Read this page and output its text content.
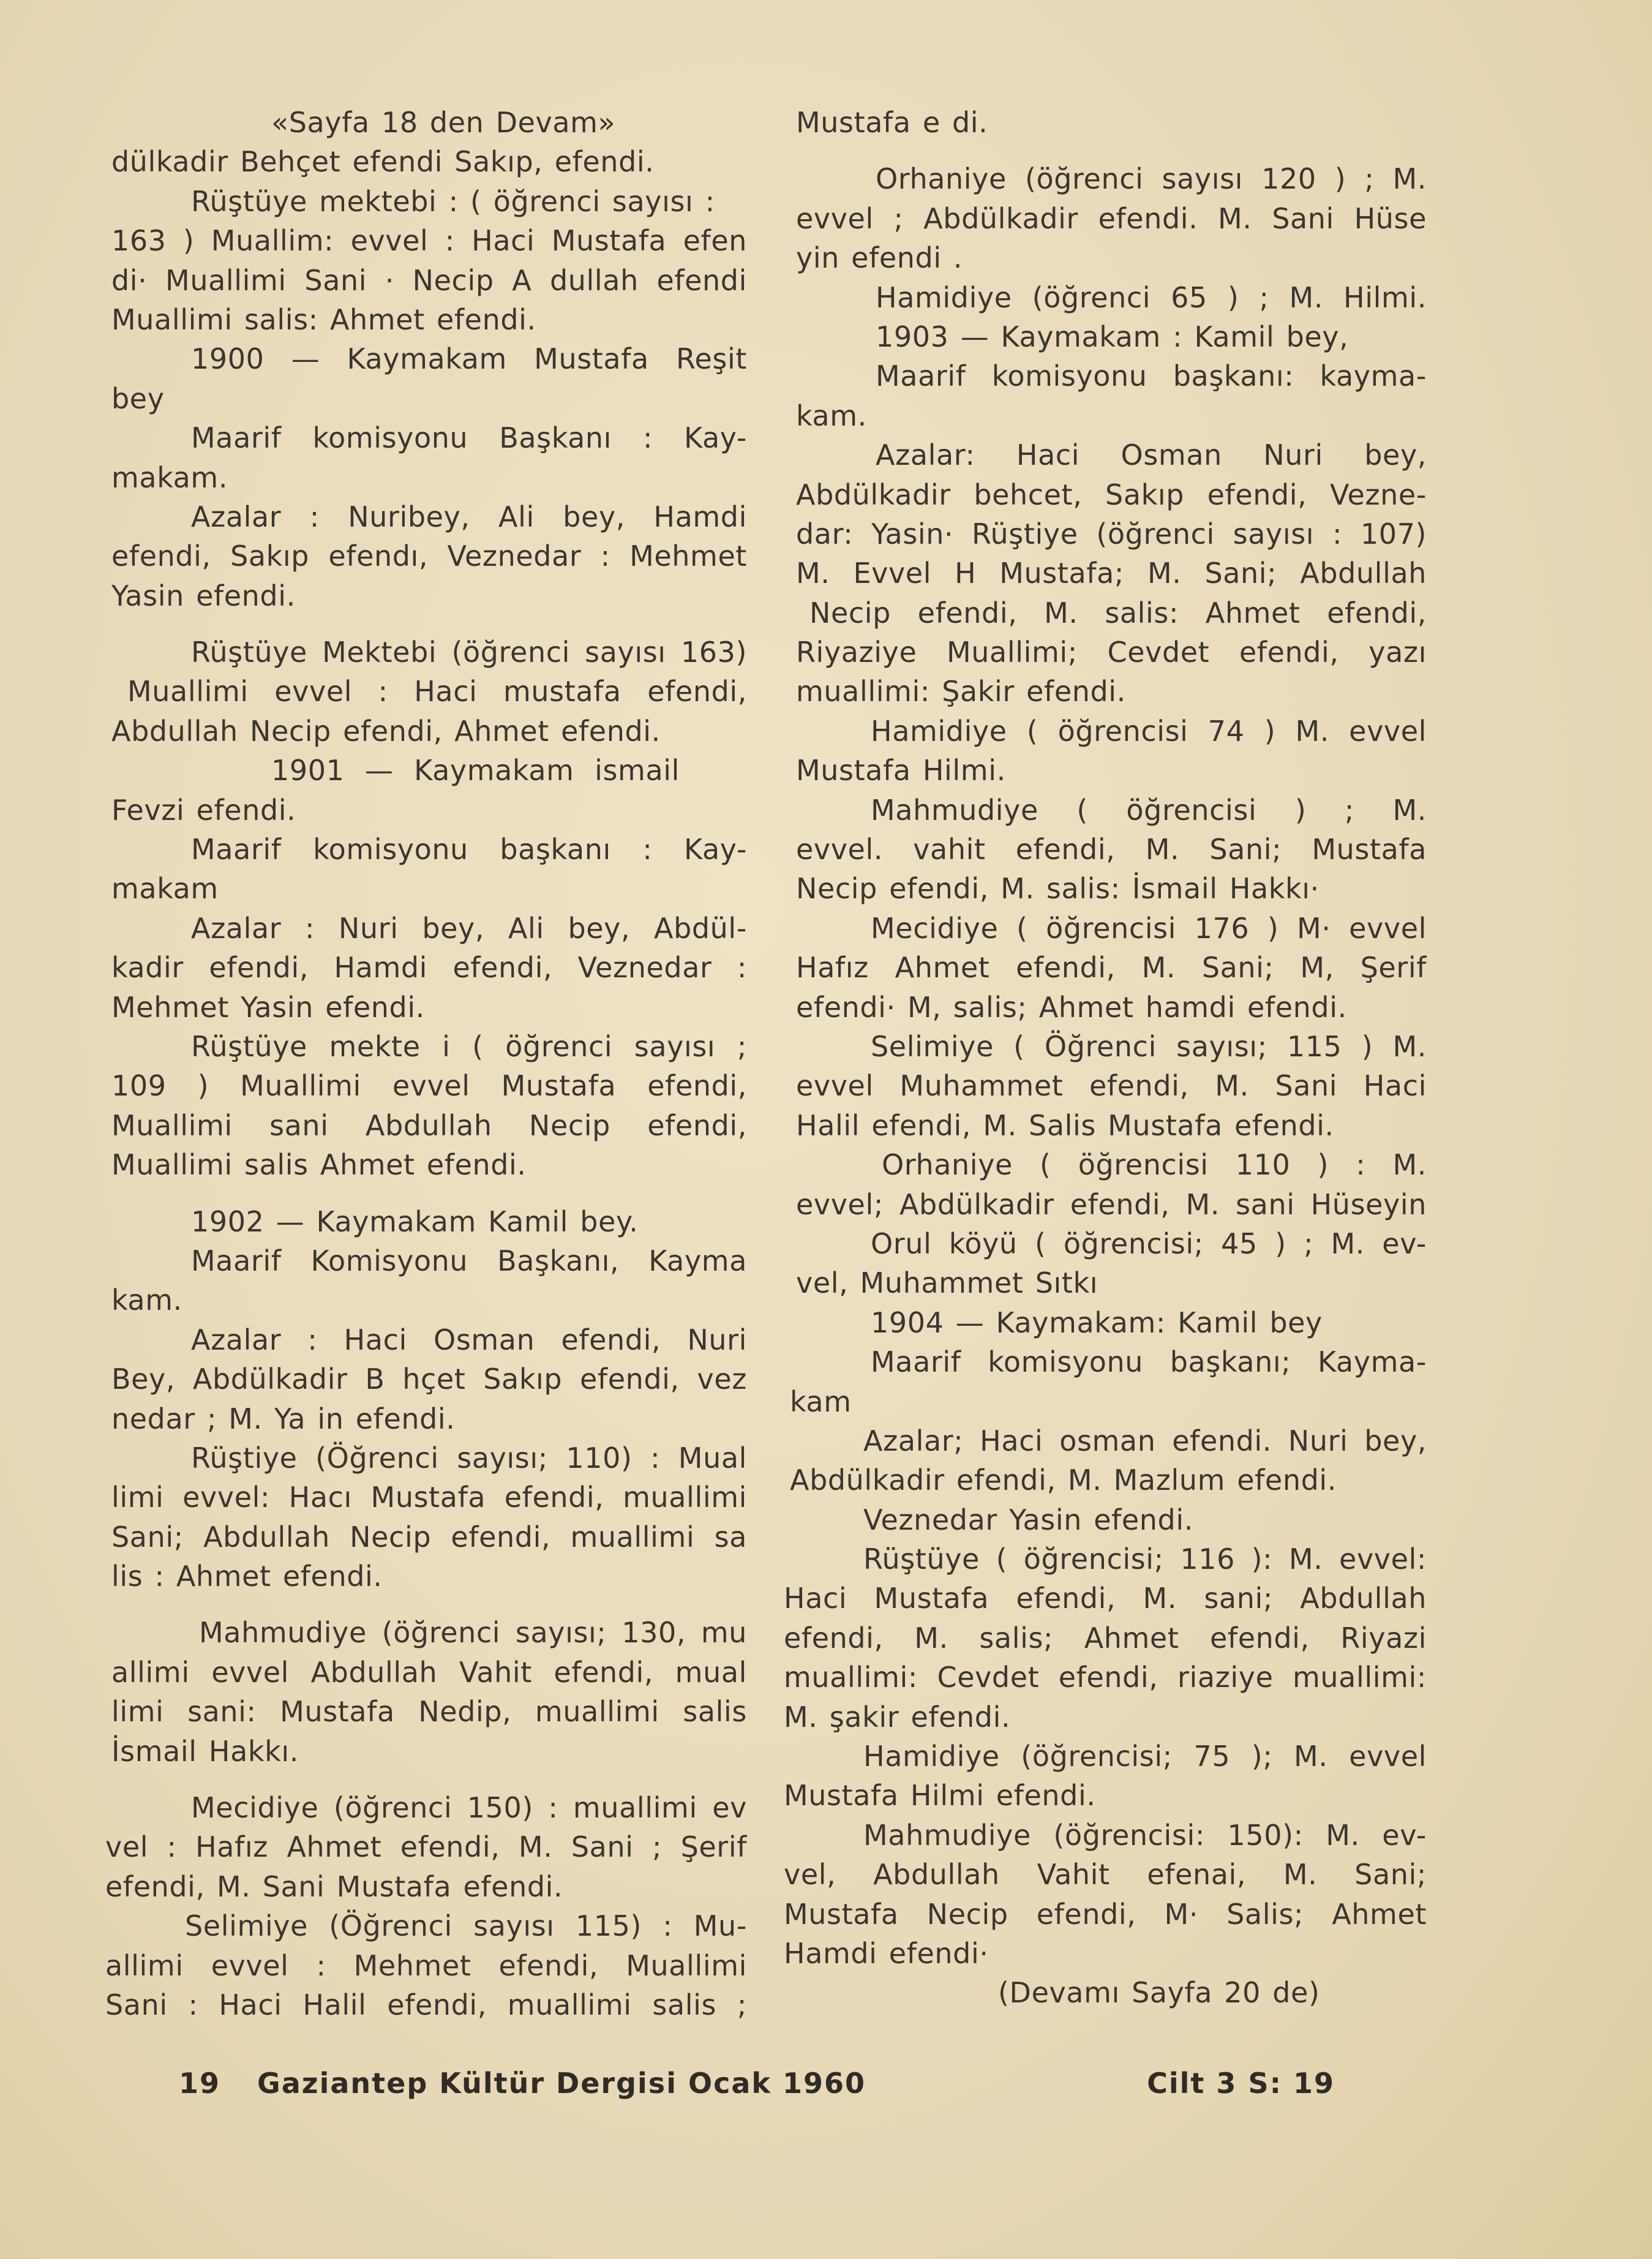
«Sayfa 18 den Devam»
dülkadir Behçet efendi Sakıp, efendi.
Rüştüye mektebi : ( öğrenci sayısı :
163 ) Muallim: evvel : Haci Mustafa efen
di· Muallimi Sani · Necip A dullah efendi
Muallimi salis: Ahmet efendi.
1900 — Kaymakam Mustafa Reşit
bey
Maarif komisyonu Başkanı : Kay-
makam.
Azalar : Nuribey, Ali bey, Hamdi
efendi, Sakıp efendı, Veznedar : Mehmet
Yasin efendi.
Rüştüye Mektebi (öğrenci sayısı 163)
Muallimi evvel : Haci mustafa efendi,
Abdullah Necip efendi, Ahmet efendi.
1901 — Kaymakam ismail
Fevzi efendi.
Maarif komisyonu başkanı : Kay-
makam
Azalar : Nuri bey, Ali bey, Abdül-
kadir efendi, Hamdi efendi, Veznedar :
Mehmet Yasin efendi.
Rüştüye mekte i ( öğrenci sayısı ;
109 ) Muallimi evvel Mustafa efendi,
Muallimi sani Abdullah Necip efendi,
Muallimi salis Ahmet efendi.
1902 — Kaymakam Kamil bey.
Maarif Komisyonu Başkanı, Kayma
kam.
Azalar : Haci Osman efendi, Nuri
Bey, Abdülkadir B hçet Sakıp efendi, vez
nedar ; M. Ya in efendi.
Rüştiye (Öğrenci sayısı; 110) : Mual
limi evvel: Hacı Mustafa efendi, muallimi
Sani; Abdullah Necip efendi, muallimi sa
lis : Ahmet efendi.
Mahmudiye (öğrenci sayısı; 130, mu
allimi evvel Abdullah Vahit efendi, mual
limi sani: Mustafa Nedip, muallimi salis
İsmail Hakkı.
Mecidiye (öğrenci 150) : muallimi ev
vel : Hafız Ahmet efendi, M. Sani ; Şerif
efendi, M. Sani Mustafa efendi.
Selimiye (Öğrenci sayısı 115) : Mu-
allimi evvel : Mehmet efendi, Muallimi
Sani : Haci Halil efendi, muallimi salis ;
Mustafa e di.
Orhaniye (öğrenci sayısı 120 ) ; M.
evvel ; Abdülkadir efendi. M. Sani Hüse
yin efendi .
Hamidiye (öğrenci 65 ) ; M. Hilmi.
1903 — Kaymakam : Kamil bey,
Maarif komisyonu başkanı: kayma-
kam.
Azalar: Haci Osman Nuri bey,
Abdülkadir behcet, Sakıp efendi, Vezne-
dar: Yasin· Rüştiye (öğrenci sayısı : 107)
M. Evvel H Mustafa; M. Sani; Abdullah
Necip efendi, M. salis: Ahmet efendi,
Riyaziye Muallimi; Cevdet efendi, yazı
muallimi: Şakir efendi.
Hamidiye ( öğrencisi 74 ) M. evvel
Mustafa Hilmi.
Mahmudiye ( öğrencisi ) ; M.
evvel. vahit efendi, M. Sani; Mustafa
Necip efendi, M. salis: İsmail Hakkı·
Mecidiye ( öğrencisi 176 ) M· evvel
Hafız Ahmet efendi, M. Sani; M, Şerif
efendi· M, salis; Ahmet hamdi efendi.
Selimiye ( Öğrenci sayısı; 115 ) M.
evvel Muhammet efendi, M. Sani Haci
Halil efendi, M. Salis Mustafa efendi.
Orhaniye ( öğrencisi 110 ) : M.
evvel; Abdülkadir efendi, M. sani Hüseyin
Orul köyü ( öğrencisi; 45 ) ; M. ev-
vel, Muhammet Sıtkı
1904 — Kaymakam: Kamil bey
Maarif komisyonu başkanı; Kayma-
kam
Azalar; Haci osman efendi. Nuri bey,
Abdülkadir efendi, M. Mazlum efendi.
Veznedar Yasin efendi.
Rüştüye ( öğrencisi; 116 ): M. evvel:
Haci Mustafa efendi, M. sani; Abdullah
efendi, M. salis; Ahmet efendi, Riyazi
muallimi: Cevdet efendi, riaziye muallimi:
M. şakir efendi.
Hamidiye (öğrencisi; 75 ); M. evvel
Mustafa Hilmi efendi.
Mahmudiye (öğrencisi: 150): M. ev-
vel, Abdullah Vahit efenai, M. Sani;
Mustafa Necip efendi, M· Salis; Ahmet
Hamdi efendi·
(Devamı Sayfa 20 de)
19 Gaziantep Kültür Dergisi Ocak 1960	Cilt 3 S: 19
